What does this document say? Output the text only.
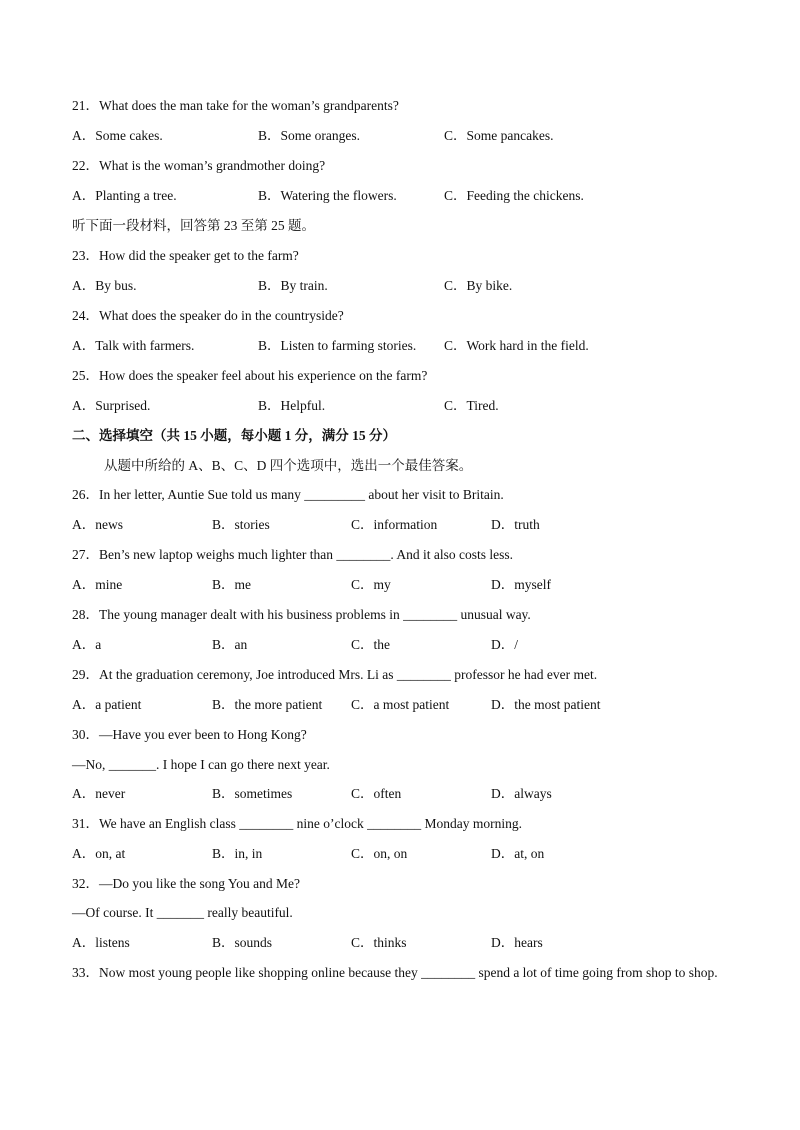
21．What does the man take for the woman’s grandparents?
A．Some cakes.	B．Some oranges.	C．Some pancakes.
22．What is the woman’s grandmother doing?
A．Planting a tree.	B．Watering the flowers.	C．Feeding the chickens.
听下面一段材料，回答第 23 至第 25 题。
23．How did the speaker get to the farm?
A．By bus.	B．By train.	C．By bike.
24．What does the speaker do in the countryside?
A．Talk with farmers.	B．Listen to farming stories. C．Work hard in the field.
25．How does the speaker feel about his experience on the farm?
A．Surprised.	B．Helpful.	C．Tired.
二、选择填空（共 15 小题，每小题 1 分，满分 15 分）
从题中所给的 A、B、C、D 四个选项中，选出一个最佳答案。
26．In her letter, Auntie Sue told us many _________ about her visit to Britain.
A．news	B．stories	C．information	D．truth
27．Ben’s new laptop weighs much lighter than ________. And it also costs less.
A．mine	B．me	C．my	D．myself
28．The young manager dealt with his business problems in ________ unusual way.
A．a	B．an	C．the	D．/
29．At the graduation ceremony, Joe introduced Mrs. Li as ________ professor he had ever met.
A．a patient	B．the more patient C．a most patient	D．the most patient
30．—Have you ever been to Hong Kong?
—No, _______. I hope I can go there next year.
A．never	B．sometimes	C．often	D．always
31．We have an English class ________ nine o’clock ________ Monday morning.
A．on, at	B．in, in	C．on, on	D．at, on
32．—Do you like the song You and Me?
—Of course. It _______ really beautiful.
A．listens	B．sounds	C．thinks	D．hears
33．Now most young people like shopping online because they ________ spend a lot of time going from shop to shop.
